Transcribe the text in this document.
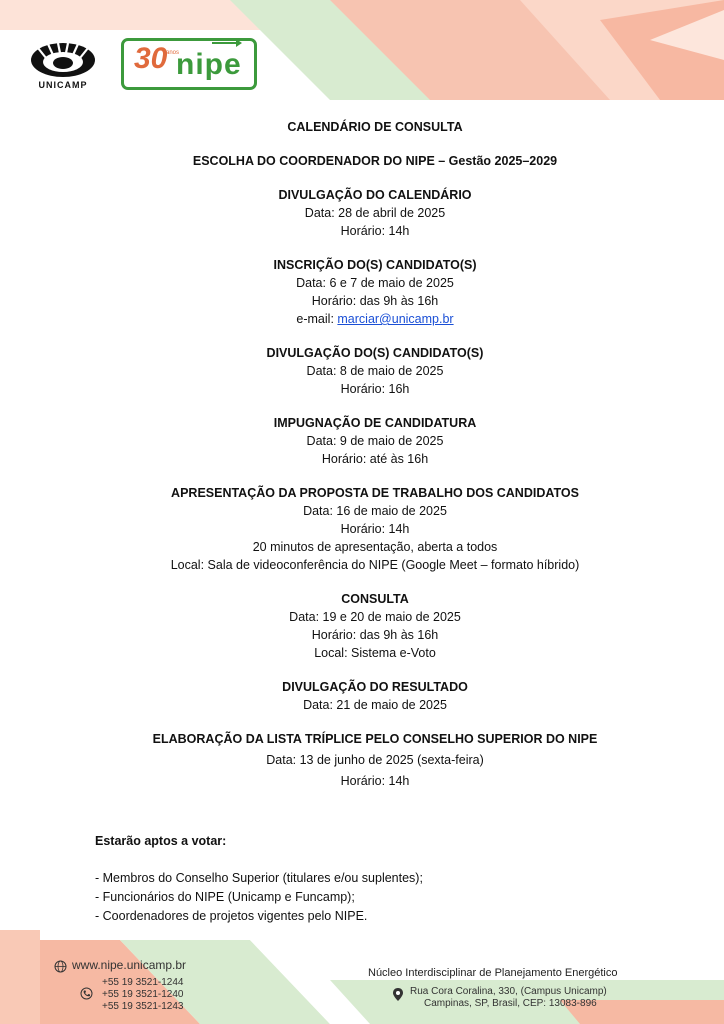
UNICAMP
30
anos
nipe
CALENDÁRIO DE CONSULTA
ESCOLHA DO COORDENADOR DO NIPE – Gestão 2025–2029
DIVULGAÇÃO DO CALENDÁRIO
Data: 28 de abril de 2025
Horário: 14h
INSCRIÇÃO DO(S) CANDIDATO(S)
Data: 6 e 7 de maio de 2025
Horário: das 9h às 16h
e-mail: marciar@unicamp.br
DIVULGAÇÃO DO(S) CANDIDATO(S)
Data: 8 de maio de 2025
Horário: 16h
IMPUGNAÇÃO DE CANDIDATURA
Data: 9 de maio de 2025
Horário: até às 16h
APRESENTAÇÃO DA PROPOSTA DE TRABALHO DOS CANDIDATOS
Data: 16 de maio de 2025
Horário: 14h
20 minutos de apresentação, aberta a todos
Local: Sala de videoconferência do NIPE (Google Meet – formato híbrido)
CONSULTA
Data: 19 e 20 de maio de 2025
Horário: das 9h às 16h
Local: Sistema e-Voto
DIVULGAÇÃO DO RESULTADO
Data: 21 de maio de 2025
ELABORAÇÃO DA LISTA TRÍPLICE PELO CONSELHO SUPERIOR DO NIPE
Data: 13 de junho de 2025 (sexta-feira)
Horário: 14h
Estarão aptos a votar:
- Membros do Conselho Superior (titulares e/ou suplentes);
- Funcionários do NIPE (Unicamp e Funcamp);
- Coordenadores de projetos vigentes pelo NIPE.
www.nipe.unicamp.br
+55 19 3521-1244
+55 19 3521-1240
+55 19 3521-1243
Núcleo Interdisciplinar de Planejamento Energético
Rua Cora Coralina, 330, (Campus Unicamp)
Campinas, SP, Brasil, CEP: 13083-896
